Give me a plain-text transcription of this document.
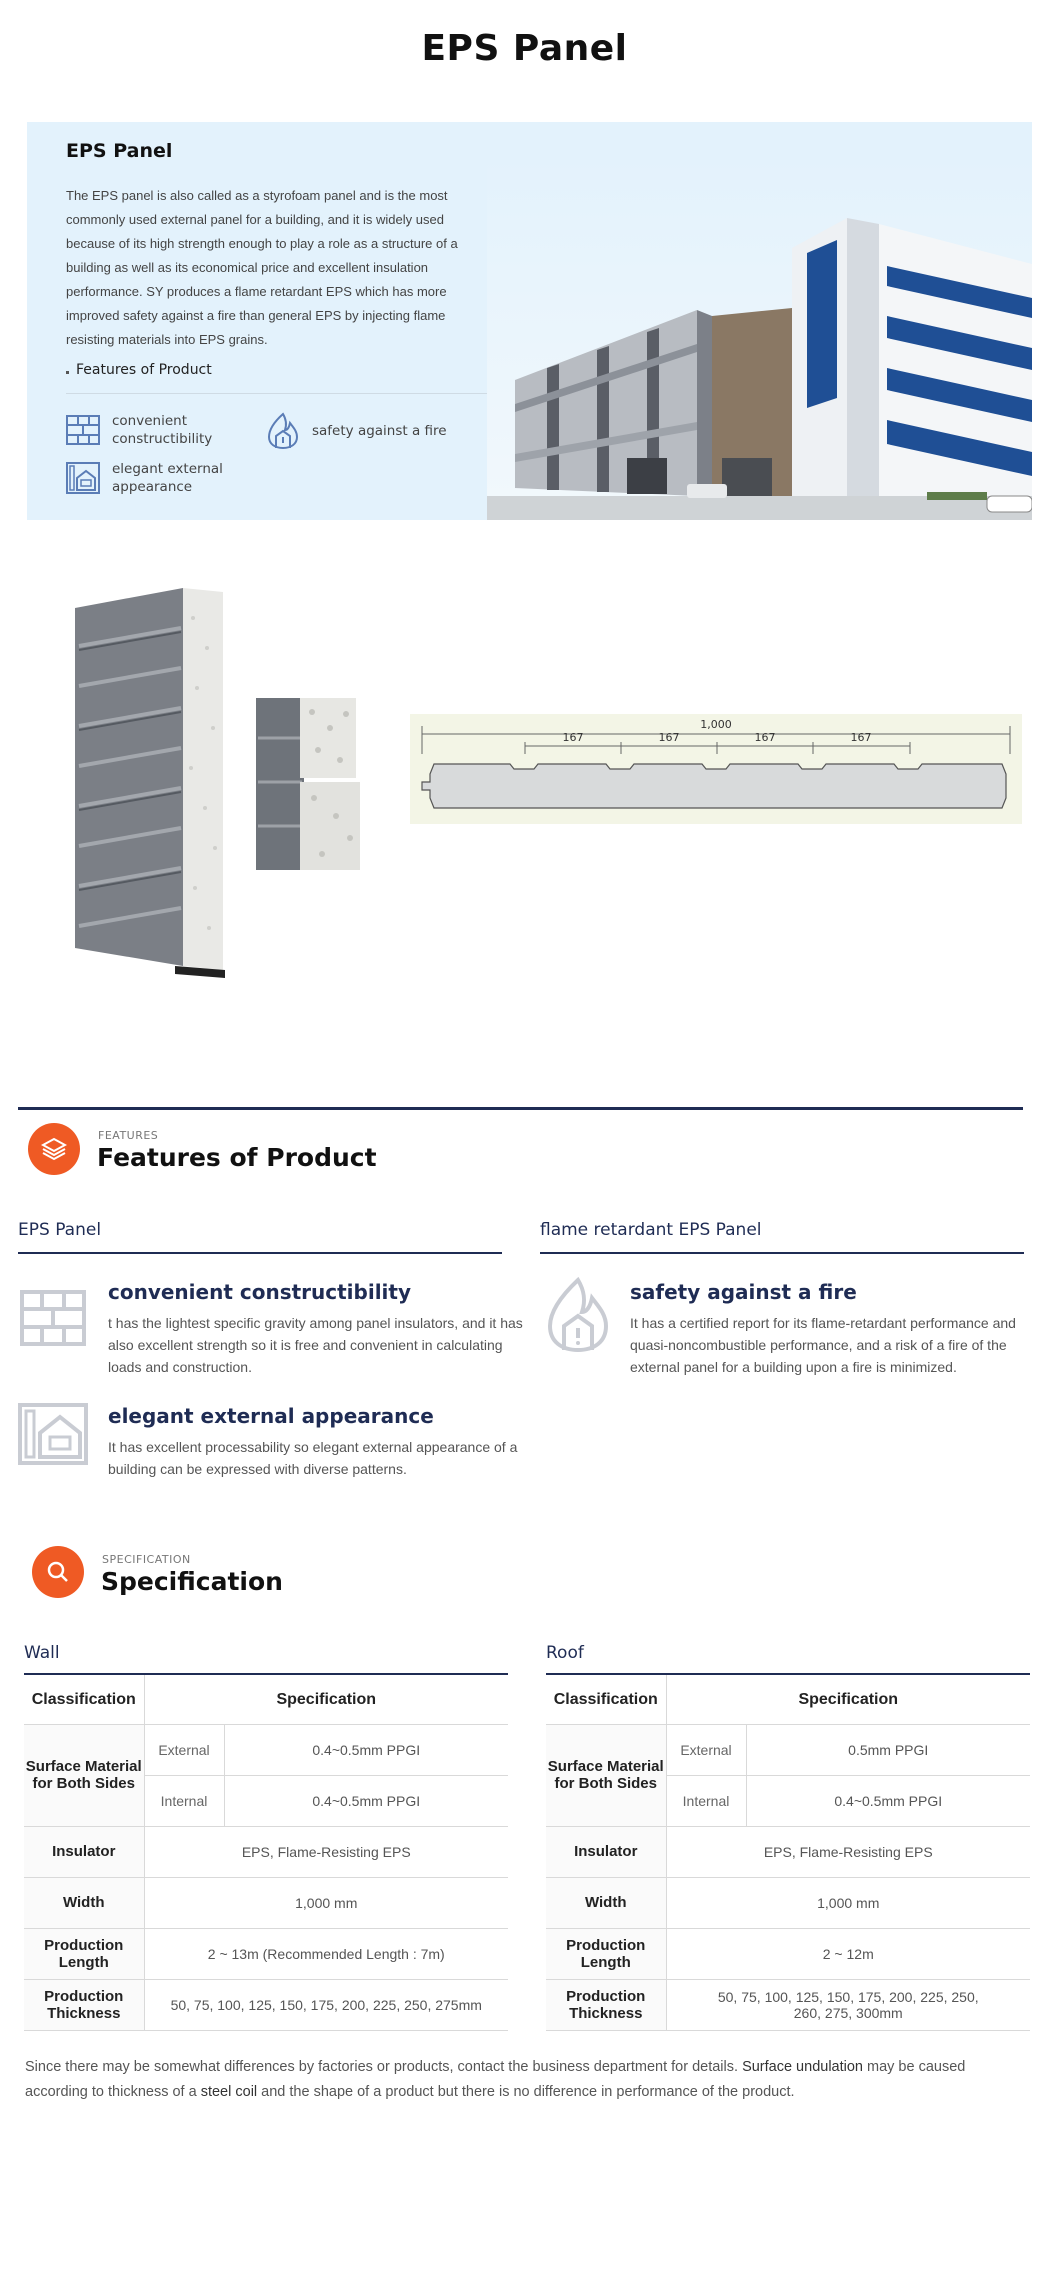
EPS Panel
EPS Panel

The EPS panel is also called as a styrofoam panel and is the most commonly used external panel for a building, and it is widely used because of its high strength enough to play a role as a structure of a building as well as its economical price and excellent insulation performance. SY produces a flame retardant EPS which has more improved safety against a fire than general EPS by injecting flame resisting materials into EPS grains.

Features of Product
convenient constructibility	safety against a fire
elegant external appearance
1,000
167	167	167	167
FEATURES
Features of Product
EPS Panel	flame retardant EPS Panel
convenient constructibility

t has the lightest specific gravity among panel insulators, and it has also excellent strength so it is free and convenient in calculating loads and construction.

elegant external appearance

It has excellent processability so elegant external appearance of a building can be expressed with diverse patterns.

safety against a fire

It has a certified report for its flame-retardant performance and quasi-noncombustible performance, and a risk of a fire of the external panel for a building upon a fire is minimized.

SPECIFICATION
Specification
Wall	Roof
Classification	Specification	
Surface Material for Both Sides	External	0.4~0.5mm PPGI
	Internal	0.4~0.5mm PPGI
Insulator	EPS, Flame-Resisting EPS	
Width	1,000 mm	
Production Length	2 ~ 13m (Recommended Length : 7m)	
Production Thickness	50, 75, 100, 125, 150, 175, 200, 225, 250, 275mm	
Classification	Specification	
Surface Material for Both Sides	External	0.5mm PPGI
	Internal	0.4~0.5mm PPGI
Insulator	EPS, Flame-Resisting EPS	
Width	1,000 mm	
Production Length	2 ~ 12m	
Production Thickness	50, 75, 100, 125, 150, 175, 200, 225, 250, 260, 275, 300mm	

Since there may be somewhat differences by factories or products, contact the business department for details. Surface undulation may be caused according to thickness of a steel coil and the shape of a product but there is no difference in performance of the product.
